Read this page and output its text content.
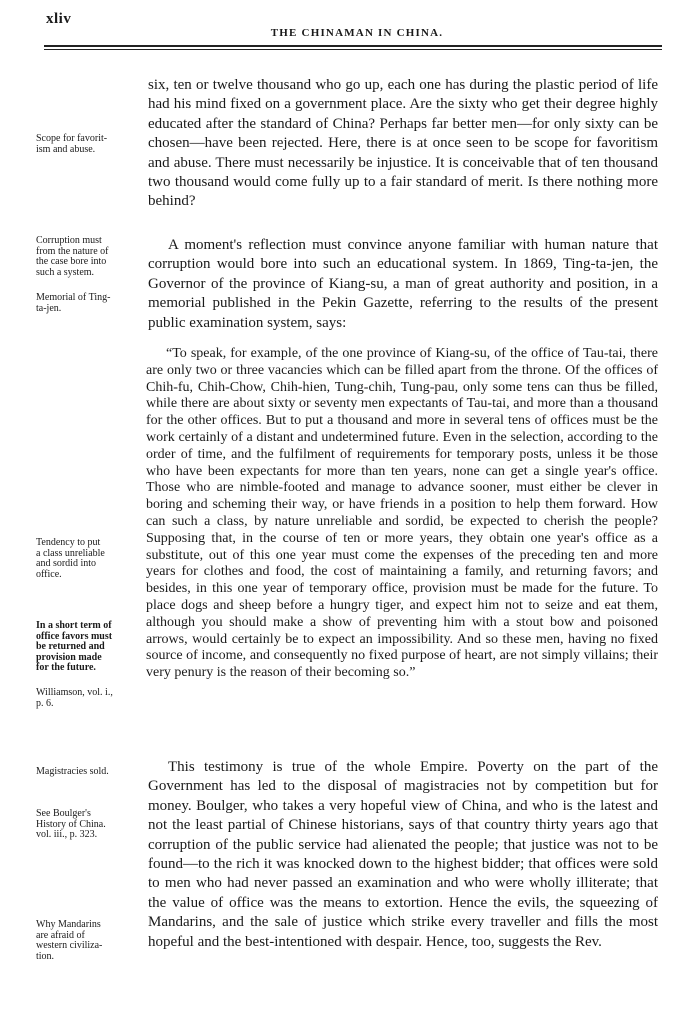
xliv
THE CHINAMAN IN CHINA.

six, ten or twelve thousand who go up, each one has during the plastic period of life had his mind fixed on a government place. Are the sixty who get their degree highly educated after the standard of China? Perhaps far better men—for only sixty can be chosen—have been rejected. Here, there is at once seen to be scope for favoritism and abuse. There must necessarily be injustice. It is conceivable that of ten thousand two thousand would come fully up to a fair standard of merit. Is there nothing more behind?

A moment's reflection must convince anyone familiar with human nature that corruption would bore into such an educational system. In 1869, Ting-ta-jen, the Governor of the province of Kiang-su, a man of great authority and position, in a memorial published in the Pekin Gazette, referring to the results of the present public examination system, says:

“To speak, for example, of the one province of Kiang-su, of the office of Tau-tai, there are only two or three vacancies which can be filled apart from the throne. Of the offices of Chih-fu, Chih-Chow, Chih-hien, Tung-chih, Tung-pau, only some tens can thus be filled, while there are about sixty or seventy men expectants of Tau-tai, and more than a thousand for the other offices. But to put a thousand and more in several tens of offices must be the work certainly of a distant and undetermined future. Even in the selection, according to the order of time, and the fulfilment of requirements for temporary posts, unless it be those who have been expectants for more than ten years, none can get a single year's office. Those who are nimble-footed and manage to advance sooner, must either be clever in boring and scheming their way, or have friends in a position to help them forward. How can such a class, by nature unreliable and sordid, be expected to cherish the people? Supposing that, in the course of ten or more years, they obtain one year's office as a substitute, out of this one year must come the expenses of the preceding ten and more years for clothes and food, the cost of maintaining a family, and returning favors; and besides, in this one year of temporary office, provision must be made for the future. To place dogs and sheep before a hungry tiger, and expect him not to seize and eat them, although you should make a show of preventing him with a stout bow and poisoned arrows, would certainly be to expect an impossibility. And so these men, having no fixed source of income, and consequently no fixed purpose of heart, are not simply villains; their very penury is the reason of their becoming so.”

This testimony is true of the whole Empire. Poverty on the part of the Government has led to the disposal of magistracies not by competition but for money. Boulger, who takes a very hopeful view of China, and who is the latest and not the least partial of Chinese historians, says of that country thirty years ago that corruption of the public service had alienated the people; that justice was not to be found—to the rich it was knocked down to the highest bidder; that offices were sold to men who had never passed an examination and who were wholly illiterate; that the value of office was the means to extortion. Hence the evils, the squeezing of Mandarins, and the sale of justice which strike every traveller and fills the most hopeful and the best-intentioned with despair. Hence, too, suggests the Rev.

Scope for favorit-
ism and abuse.

Corruption must
from the nature of
the case bore into
such a system.

Memorial of Ting-
ta-jen.

Tendency to put
a class unreliable
and sordid into
office.

In a short term of
office favors must
be returned and
provision made
for the future.

Williamson, vol. i.,
p. 6.

Magistracies sold.

See Boulger's
History of China.
vol. iii., p. 323.

Why Mandarins
are afraid of
western civiliza-
tion.
